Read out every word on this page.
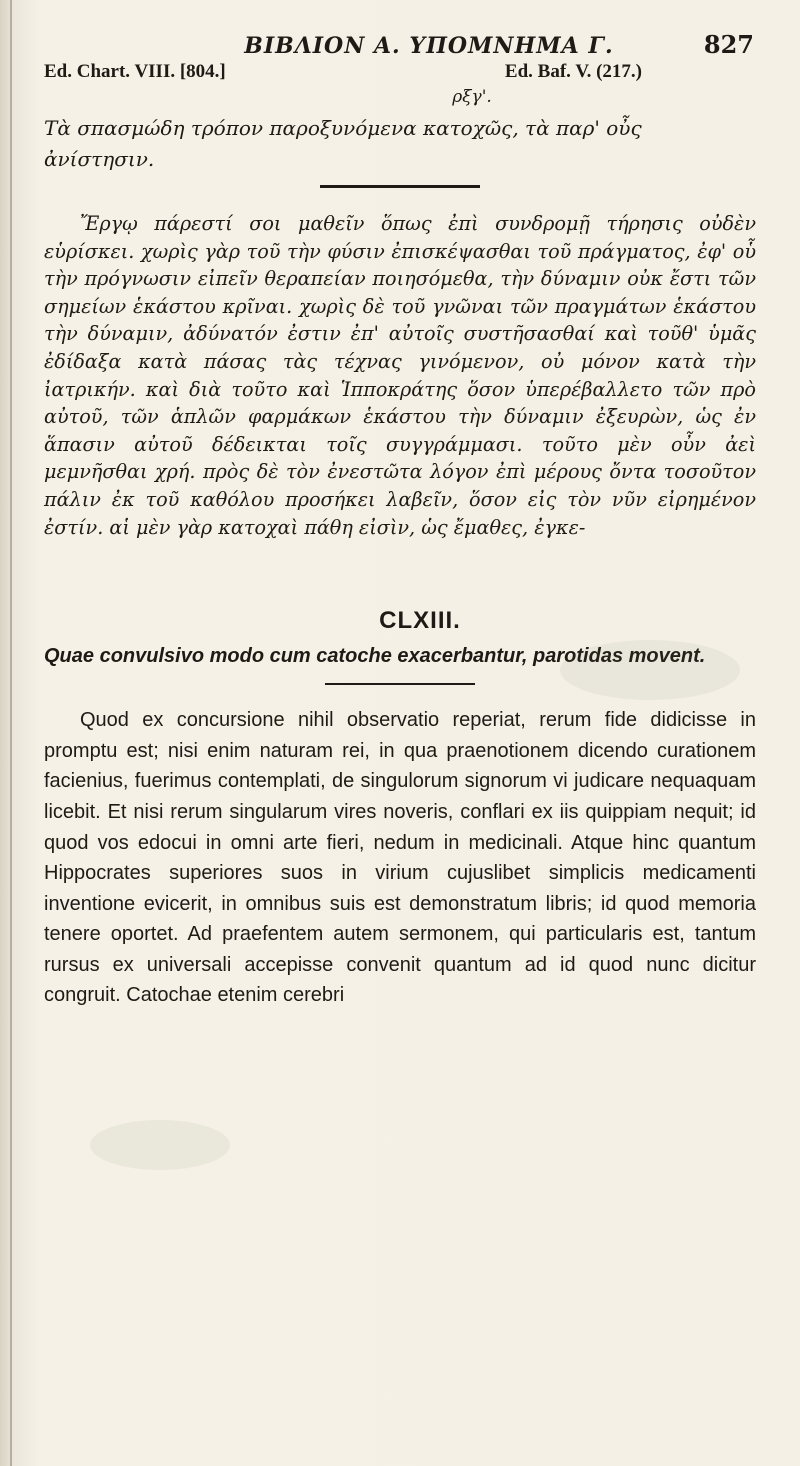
ΒΙΒΛΙΟΝ Α. ΥΠΟΜΝΗΜΑ Γ.	827
Ed. Chart. VIII. [804.]	Ed. Baf. V. (217.)
ρξγ'.

Τὰ σπασμώδη τρόπον παροξυνόμενα κατοχῶς, τὰ παρ' οὖς ἀνίστησιν.

Ἔργῳ πάρεστί σοι μαθεῖν ὅπως ἐπὶ συνδρομῇ τήρησις οὐδὲν εὑρίσκει. χωρὶς γὰρ τοῦ τὴν φύσιν ἐπισκέψασθαι τοῦ πράγματος, ἐφ' οὗ τὴν πρόγνωσιν εἰπεῖν θεραπείαν ποιησόμεθα, τὴν δύναμιν οὐκ ἔστι τῶν σημείων ἑκάστου κρῖναι. χωρὶς δὲ τοῦ γνῶναι τῶν πραγμάτων ἑκάστου τὴν δύναμιν, ἀδύνατόν ἐστιν ἐπ' αὐτοῖς συστῆσασθαί καὶ τοῦθ' ὑμᾶς ἐδίδαξα κατὰ πάσας τὰς τέχνας γινόμενον, οὐ μόνον κατὰ τὴν ἰατρικήν. καὶ διὰ τοῦτο καὶ Ἱπποκράτης ὅσον ὑπερέβαλλετο τῶν πρὸ αὐτοῦ, τῶν ἁπλῶν φαρμάκων ἑκάστου τὴν δύναμιν ἐξευρὼν, ὡς ἐν ἅπασιν αὐτοῦ δέδεικται τοῖς συγγράμμασι. τοῦτο μὲν οὖν ἀεὶ μεμνῆσθαι χρή. πρὸς δὲ τὸν ἐνεστῶτα λόγον ἐπὶ μέρους ὄντα τοσοῦτον πάλιν ἐκ τοῦ καθόλου προσήκει λαβεῖν, ὅσον εἰς τὸν νῦν εἰρημένον ἐστίν. αἱ μὲν γὰρ κατοχαὶ πάθη εἰσὶν, ὡς ἔμαθες, ἐγκε-

CLXIII.

Quae convulsivo modo cum catoche exacerbantur, parotidas movent.

Quod ex concursione nihil observatio reperiat, rerum fide didicisse in promptu est; nisi enim naturam rei, in qua praenotionem dicendo curationem facienius, fuerimus contemplati, de singulorum signorum vi judicare nequaquam licebit. Et nisi rerum singularum vires noveris, conflari ex iis quippiam nequit; id quod vos edocui in omni arte fieri, nedum in medicinali. Atque hinc quantum Hippocrates superiores suos in virium cujuslibet simplicis medicamenti inventione evicerit, in omnibus suis est demonstratum libris; id quod memoria tenere oportet. Ad praefentem autem sermonem, qui particularis est, tantum rursus ex universali accepisse convenit quantum ad id quod nunc dicitur congruit. Catochae etenim cerebri
